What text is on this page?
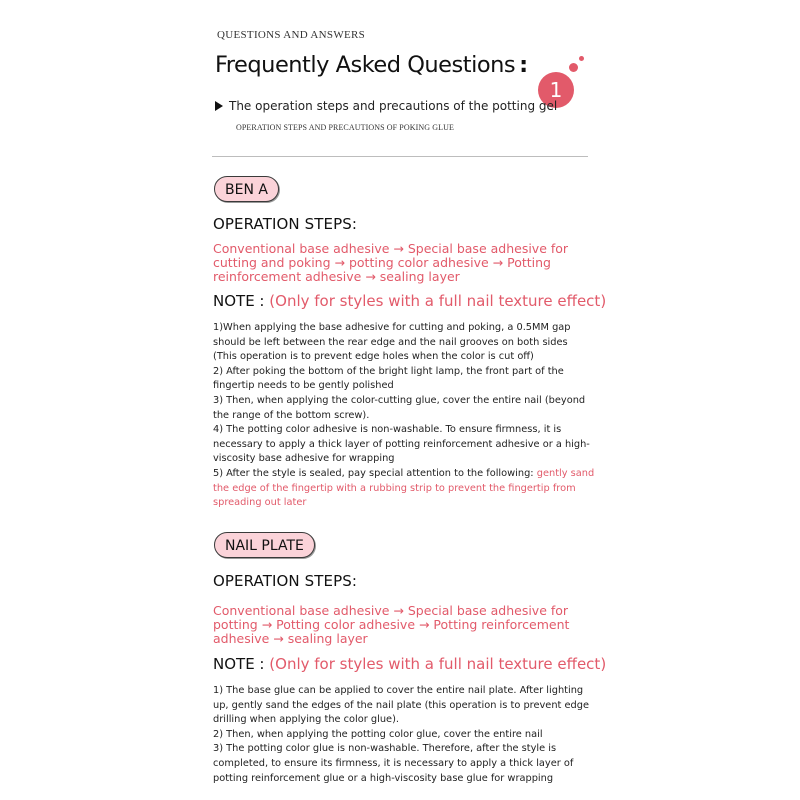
QUESTIONS AND ANSWERS
Frequently Asked Questions :
1
The operation steps and precautions of the potting gel
OPERATION STEPS AND PRECAUTIONS OF POKING GLUE
BEN A
OPERATION STEPS:
Conventional base adhesive → Special base adhesive for cutting and poking → potting color adhesive → Potting reinforcement adhesive → sealing layer
NOTE : (Only for styles with a full nail texture effect)

1)When applying the base adhesive for cutting and poking, a 0.5MM gap should be left between the rear edge and the nail grooves on both sides

(This operation is to prevent edge holes when the color is cut off)

2) After poking the bottom of the bright light lamp, the front part of the fingertip needs to be gently polished

3) Then, when applying the color-cutting glue, cover the entire nail (beyond the range of the bottom screw).

4) The potting color adhesive is non-washable. To ensure firmness, it is necessary to apply a thick layer of potting reinforcement adhesive or a high-viscosity base adhesive for wrapping

5) After the style is sealed, pay special attention to the following: gently sand the edge of the fingertip with a rubbing strip to prevent the fingertip from spreading out later

NAIL PLATE
OPERATION STEPS:
Conventional base adhesive → Special base adhesive for potting → Potting color adhesive → Potting reinforcement adhesive → sealing layer
NOTE : (Only for styles with a full nail texture effect)

1) The base glue can be applied to cover the entire nail plate. After lighting up, gently sand the edges of the nail plate (this operation is to prevent edge drilling when applying the color glue).

2) Then, when applying the potting color glue, cover the entire nail

3) The potting color glue is non-washable. Therefore, after the style is completed, to ensure its firmness, it is necessary to apply a thick layer of potting reinforcement glue or a high-viscosity base glue for wrapping
